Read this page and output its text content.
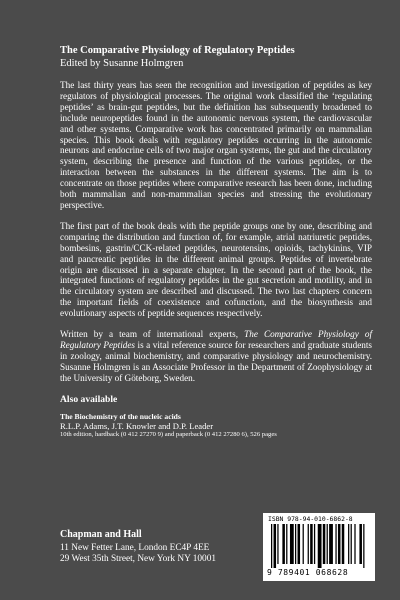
The Comparative Physiology of Regulatory Peptides

Edited by Susanne Holmgren

The last thirty years has seen the recognition and investigation of peptides as key regulators of physiological processes. The original work classified the ‘regulating peptides’ as brain-gut peptides, but the definition has subsequently broadened to include neuropeptides found in the autonomic nervous system, the cardiovascular and other systems. Comparative work has concentrated primarily on mammalian species. This book deals with regulatory peptides occurring in the autonomic neurons and endocrine cells of two major organ systems, the gut and the circulatory system, describing the presence and function of the various peptides, or the interaction between the substances in the different systems. The aim is to concentrate on those peptides where comparative research has been done, including both mammalian and non-mammalian species and stressing the evolutionary perspective.

The first part of the book deals with the peptide groups one by one, describing and comparing the distribution and function of, for example, atrial natriuretic peptides, bombesins, gastrin/CCK-related peptides, neurotensins, opioids, tachykinins, VIP and pancreatic peptides in the different animal groups. Peptides of invertebrate origin are discussed in a separate chapter. In the second part of the book, the integrated functions of regulatory peptides in the gut secretion and motility, and in the circulatory system are described and discussed. The two last chapters concern the important fields of coexistence and cofunction, and the biosynthesis and evolutionary aspects of peptide sequences respectively.

Written by a team of international experts, The Comparative Physiology of Regulatory Peptides is a vital reference source for researchers and graduate students in zoology, animal biochemistry, and comparative physiology and neurochemistry. Susanne Holmgren is an Associate Professor in the Department of Zoophysiology at the University of Göteborg, Sweden.

Also available

The Biochemistry of the nucleic acids

R.L.P. Adams, J.T. Knowler and D.P. Leader

10th edition, hardback (0 412 27270 9) and paperback (0 412 27280 6), 526 pages

Chapman and Hall

11 New Fetter Lane, London EC4P 4EE

29 West 35th Street, New York NY 10001

ISBN 978-94-010-6862-8
9 789401 068628
